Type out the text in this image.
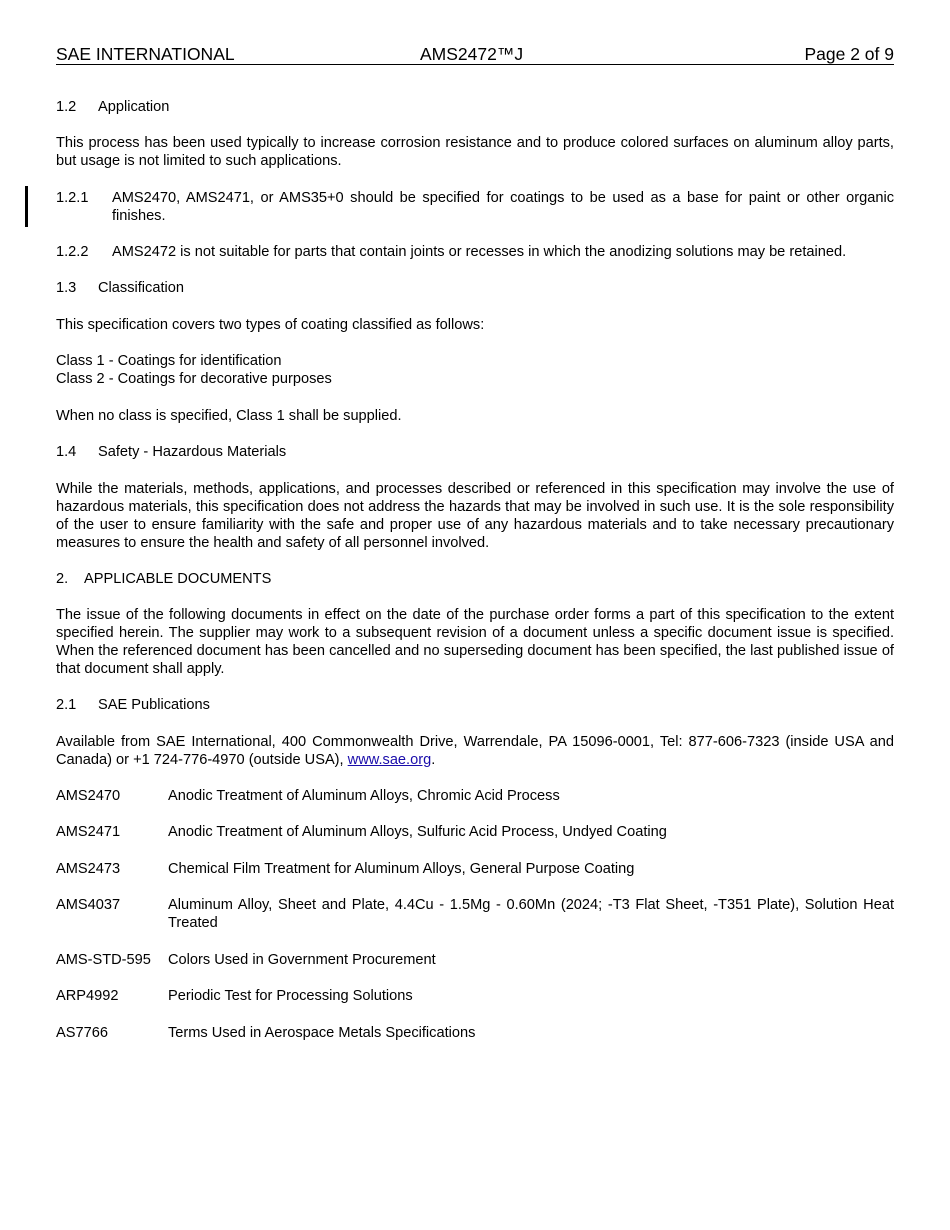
SAE INTERNATIONAL	AMS2472™J	Page 2 of 9
1.2 Application
This process has been used typically to increase corrosion resistance and to produce colored surfaces on aluminum alloy parts, but usage is not limited to such applications.
1.2.1 AMS2470, AMS2471, or AMS35+0 should be specified for coatings to be used as a base for paint or other organic finishes.
1.2.2 AMS2472 is not suitable for parts that contain joints or recesses in which the anodizing solutions may be retained.
1.3 Classification
This specification covers two types of coating classified as follows:
Class 1 - Coatings for identification
Class 2 - Coatings for decorative purposes
When no class is specified, Class 1 shall be supplied.
1.4 Safety - Hazardous Materials
While the materials, methods, applications, and processes described or referenced in this specification may involve the use of hazardous materials, this specification does not address the hazards that may be involved in such use. It is the sole responsibility of the user to ensure familiarity with the safe and proper use of any hazardous materials and to take necessary precautionary measures to ensure the health and safety of all personnel involved.
2. APPLICABLE DOCUMENTS
The issue of the following documents in effect on the date of the purchase order forms a part of this specification to the extent specified herein. The supplier may work to a subsequent revision of a document unless a specific document issue is specified. When the referenced document has been cancelled and no superseding document has been specified, the last published issue of that document shall apply.
2.1 SAE Publications
Available from SAE International, 400 Commonwealth Drive, Warrendale, PA 15096-0001, Tel: 877-606-7323 (inside USA and Canada) or +1 724-776-4970 (outside USA), www.sae.org.
AMS2470	Anodic Treatment of Aluminum Alloys, Chromic Acid Process
AMS2471	Anodic Treatment of Aluminum Alloys, Sulfuric Acid Process, Undyed Coating
AMS2473	Chemical Film Treatment for Aluminum Alloys, General Purpose Coating
AMS4037	Aluminum Alloy, Sheet and Plate, 4.4Cu - 1.5Mg - 0.60Mn (2024; -T3 Flat Sheet, -T351 Plate), Solution Heat Treated
AMS-STD-595 Colors Used in Government Procurement
ARP4992	Periodic Test for Processing Solutions
AS7766	Terms Used in Aerospace Metals Specifications
